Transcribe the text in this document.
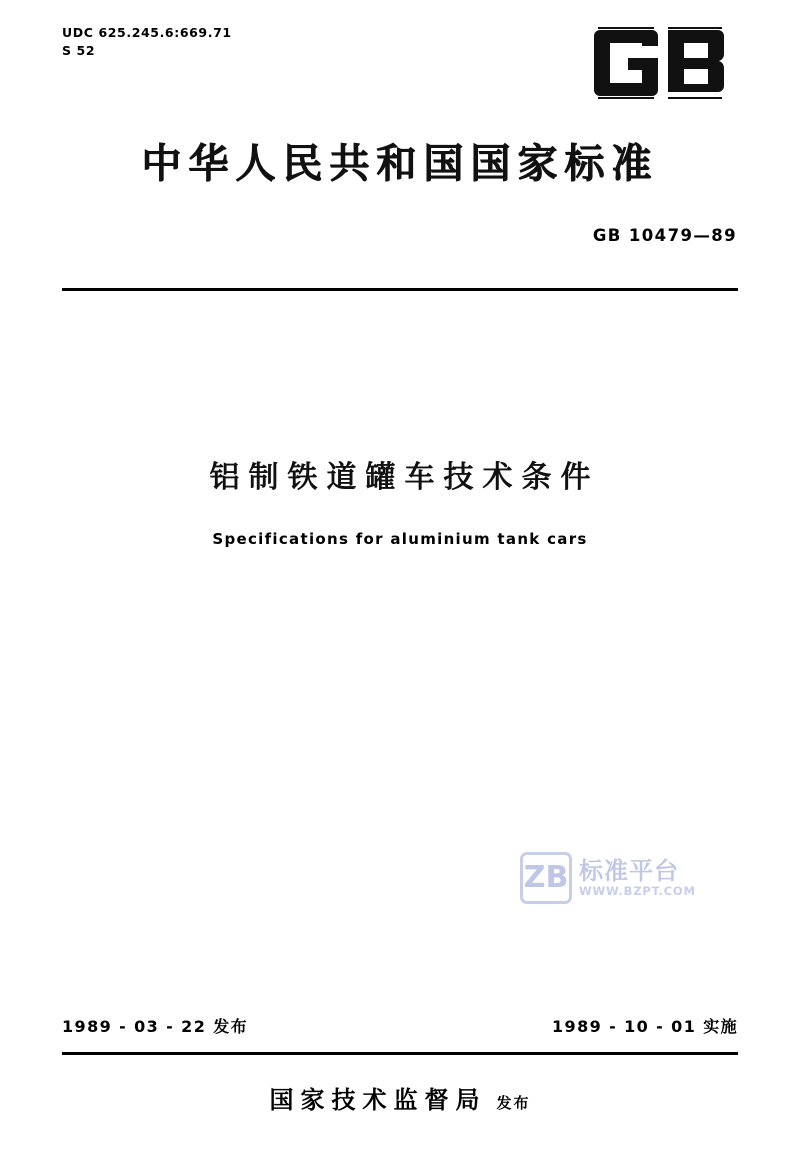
UDC 625.245.6:669.71
S 52
中华人民共和国国家标准
GB 10479—89
铝制铁道罐车技术条件
Specifications for aluminium tank cars
ZB 标准平台
WWW.BZPT.COM
1989 - 03 - 22 发布	1989 - 10 - 01 实施
国家技术监督局 发布
